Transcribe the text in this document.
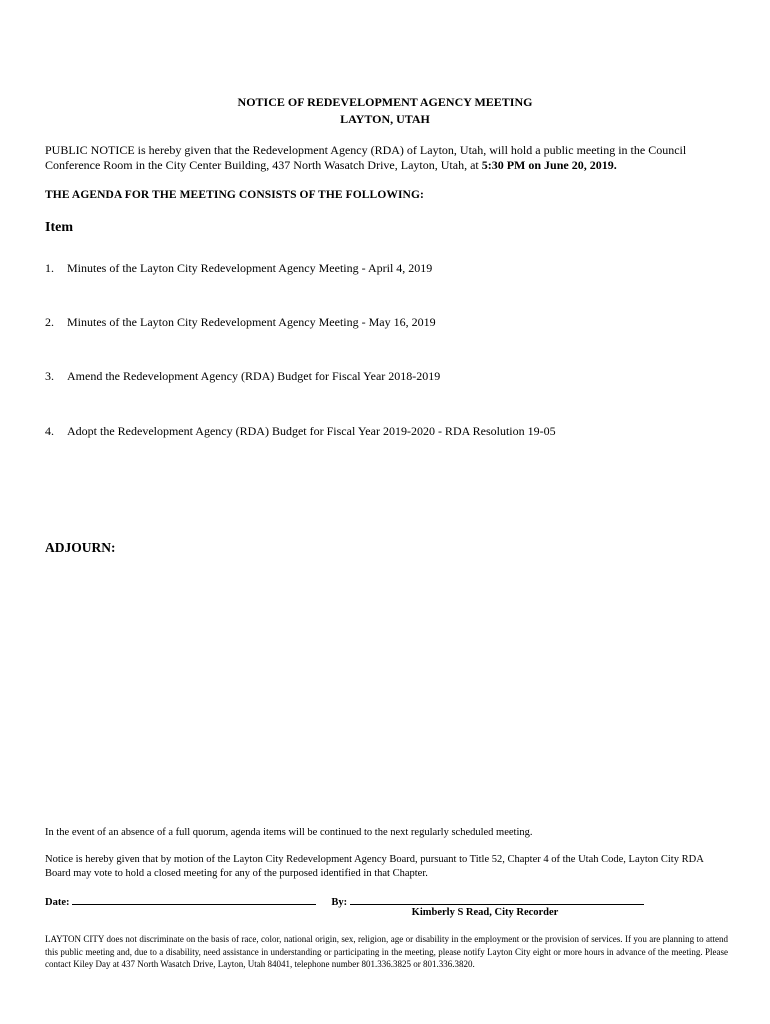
NOTICE OF REDEVELOPMENT AGENCY MEETING
LAYTON, UTAH
PUBLIC NOTICE is hereby given that the Redevelopment Agency (RDA) of Layton, Utah, will hold a public meeting in the Council Conference Room in the City Center Building, 437 North Wasatch Drive, Layton, Utah, at 5:30 PM on June 20, 2019.
THE AGENDA FOR THE MEETING CONSISTS OF THE FOLLOWING:
Item
1. Minutes of the Layton City Redevelopment Agency Meeting - April 4, 2019
2. Minutes of the Layton City Redevelopment Agency Meeting - May 16, 2019
3. Amend the Redevelopment Agency (RDA) Budget for Fiscal Year 2018-2019
4. Adopt the Redevelopment Agency (RDA) Budget for Fiscal Year 2019-2020 - RDA Resolution 19-05
ADJOURN:
In the event of an absence of a full quorum, agenda items will be continued to the next regularly scheduled meeting.
Notice is hereby given that by motion of the Layton City Redevelopment Agency Board, pursuant to Title 52, Chapter 4 of the Utah Code, Layton City RDA Board may vote to hold a closed meeting for any of the purposed identified in that Chapter.
Date:	By:
Kimberly S Read, City Recorder
LAYTON CITY does not discriminate on the basis of race, color, national origin, sex, religion, age or disability in the employment or the provision of services. If you are planning to attend this public meeting and, due to a disability, need assistance in understanding or participating in the meeting, please notify Layton City eight or more hours in advance of the meeting. Please contact Kiley Day at 437 North Wasatch Drive, Layton, Utah 84041, telephone number 801.336.3825 or 801.336.3820.
